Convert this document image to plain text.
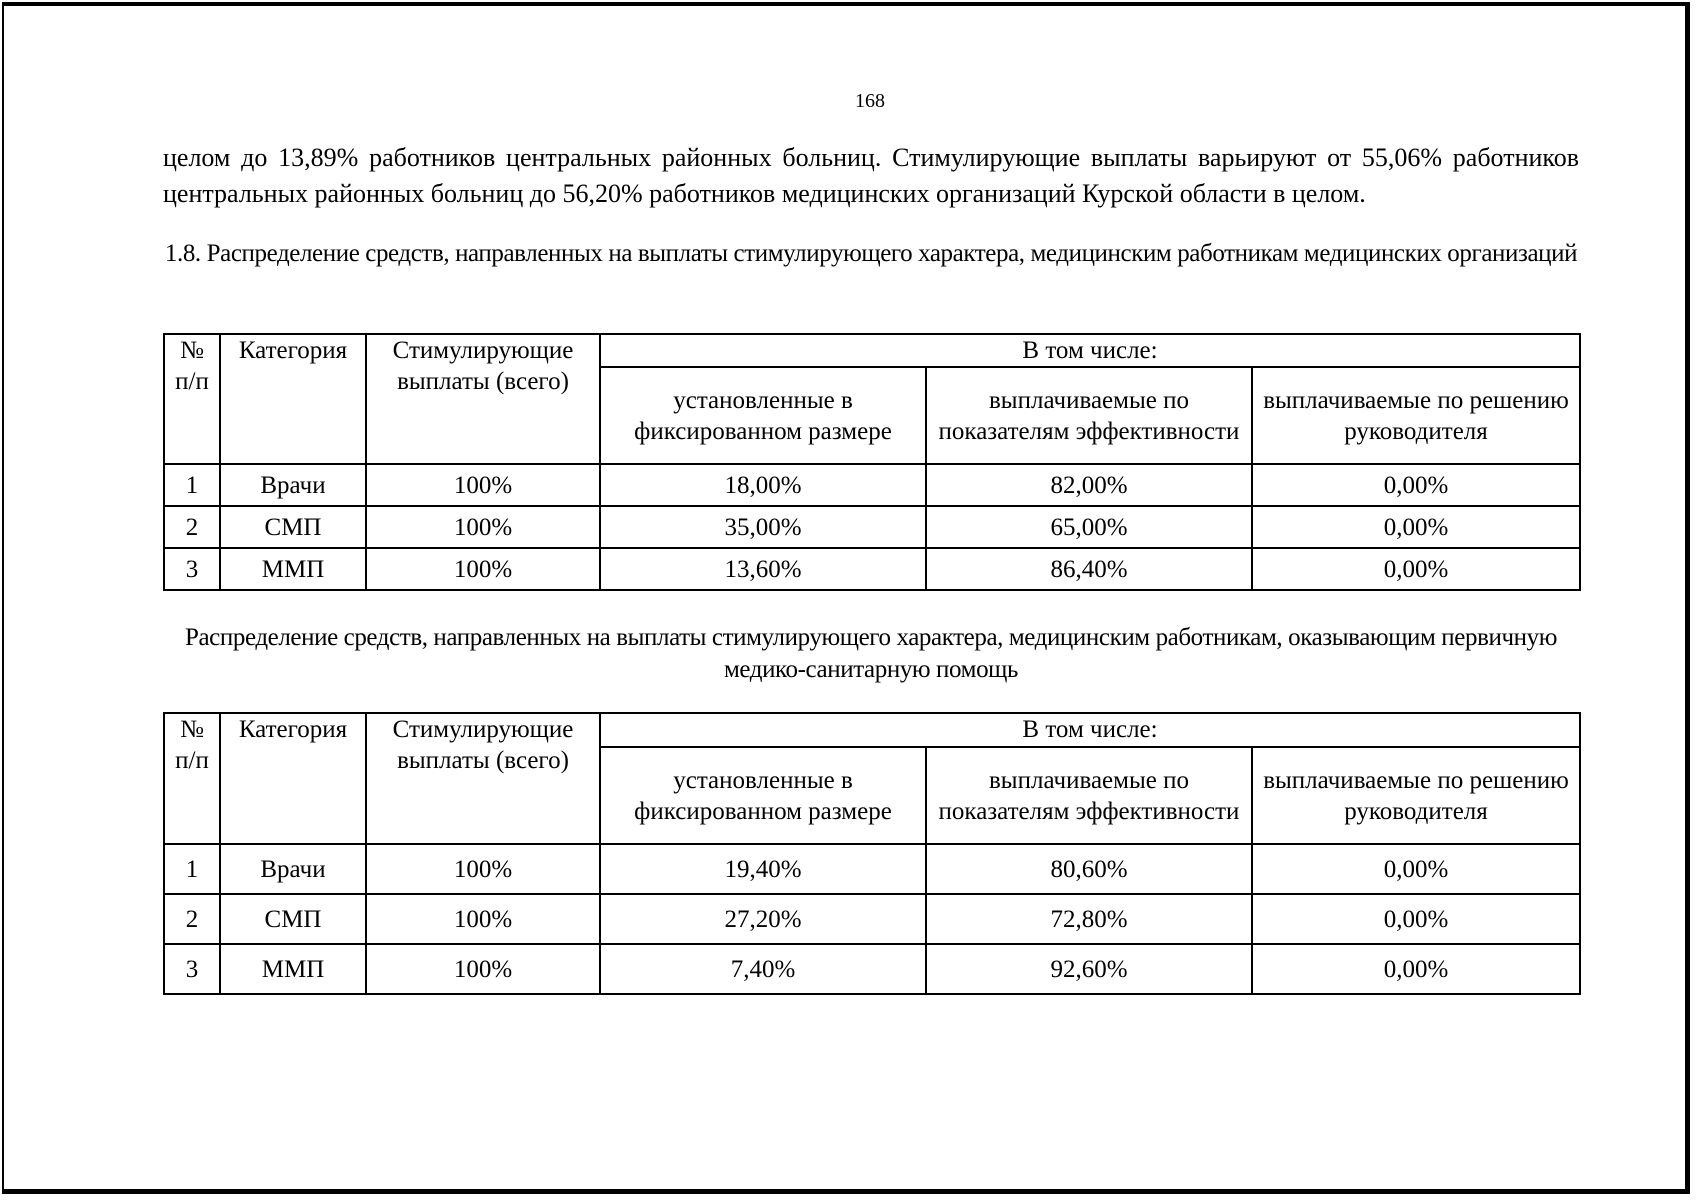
168
целом до 13,89% работников центральных районных больниц. Стимулирующие выплаты варьируют от 55,06% работников центральных районных больниц до 56,20% работников медицинских организаций Курской области в целом.
1.8. Распределение средств, направленных на выплаты стимулирующего характера, медицинским работникам медицинских организаций
№ п/п	Категория	Стимулирующие выплаты (всего)	В том числе:		
			установленные в фиксированном размере	выплачиваемые по показателям эффективности	выплачиваемые по решению руководителя
1	Врачи	100%	18,00%	82,00%	0,00%
2	СМП	100%	35,00%	65,00%	0,00%
3	ММП	100%	13,60%	86,40%	0,00%
Распределение средств, направленных на выплаты стимулирующего характера, медицинским работникам, оказывающим первичную медико-санитарную помощь
№ п/п	Категория	Стимулирующие выплаты (всего)	В том числе:		
			установленные в фиксированном размере	выплачиваемые по показателям эффективности	выплачиваемые по решению руководителя
1	Врачи	100%	19,40%	80,60%	0,00%
2	СМП	100%	27,20%	72,80%	0,00%
3	ММП	100%	7,40%	92,60%	0,00%
